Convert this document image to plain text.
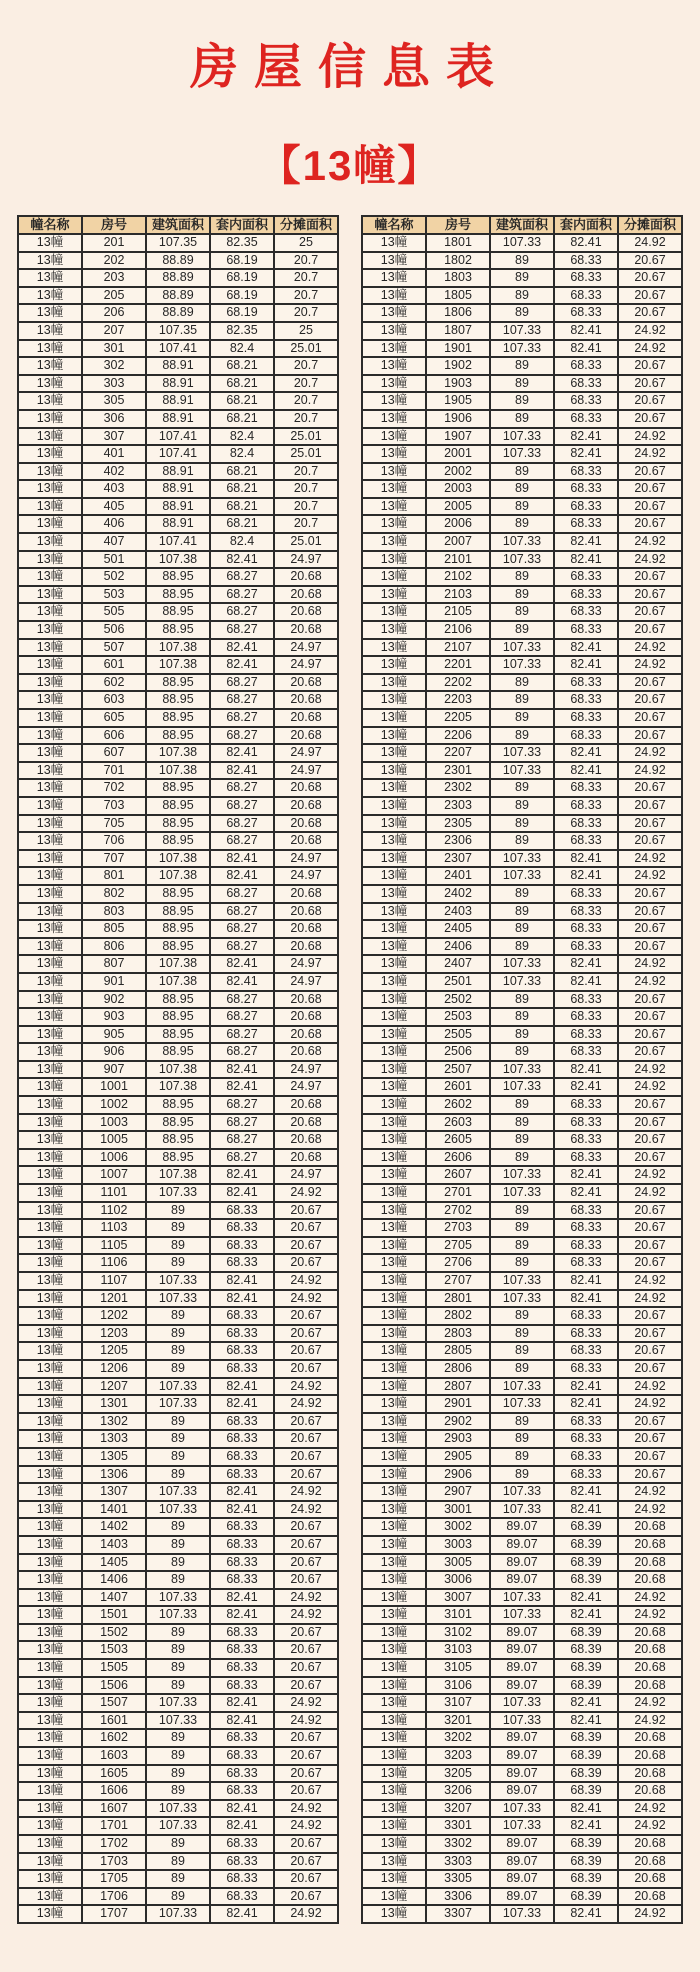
房屋信息表
【13幢】
幢名称	房号	建筑面积	套内面积	分摊面积
13幢	201	107.35	82.35	25
13幢	202	88.89	68.19	20.7
13幢	203	88.89	68.19	20.7
13幢	205	88.89	68.19	20.7
13幢	206	88.89	68.19	20.7
13幢	207	107.35	82.35	25
13幢	301	107.41	82.4	25.01
13幢	302	88.91	68.21	20.7
13幢	303	88.91	68.21	20.7
13幢	305	88.91	68.21	20.7
13幢	306	88.91	68.21	20.7
13幢	307	107.41	82.4	25.01
13幢	401	107.41	82.4	25.01
13幢	402	88.91	68.21	20.7
13幢	403	88.91	68.21	20.7
13幢	405	88.91	68.21	20.7
13幢	406	88.91	68.21	20.7
13幢	407	107.41	82.4	25.01
13幢	501	107.38	82.41	24.97
13幢	502	88.95	68.27	20.68
13幢	503	88.95	68.27	20.68
13幢	505	88.95	68.27	20.68
13幢	506	88.95	68.27	20.68
13幢	507	107.38	82.41	24.97
13幢	601	107.38	82.41	24.97
13幢	602	88.95	68.27	20.68
13幢	603	88.95	68.27	20.68
13幢	605	88.95	68.27	20.68
13幢	606	88.95	68.27	20.68
13幢	607	107.38	82.41	24.97
13幢	701	107.38	82.41	24.97
13幢	702	88.95	68.27	20.68
13幢	703	88.95	68.27	20.68
13幢	705	88.95	68.27	20.68
13幢	706	88.95	68.27	20.68
13幢	707	107.38	82.41	24.97
13幢	801	107.38	82.41	24.97
13幢	802	88.95	68.27	20.68
13幢	803	88.95	68.27	20.68
13幢	805	88.95	68.27	20.68
13幢	806	88.95	68.27	20.68
13幢	807	107.38	82.41	24.97
13幢	901	107.38	82.41	24.97
13幢	902	88.95	68.27	20.68
13幢	903	88.95	68.27	20.68
13幢	905	88.95	68.27	20.68
13幢	906	88.95	68.27	20.68
13幢	907	107.38	82.41	24.97
13幢	1001	107.38	82.41	24.97
13幢	1002	88.95	68.27	20.68
13幢	1003	88.95	68.27	20.68
13幢	1005	88.95	68.27	20.68
13幢	1006	88.95	68.27	20.68
13幢	1007	107.38	82.41	24.97
13幢	1101	107.33	82.41	24.92
13幢	1102	89	68.33	20.67
13幢	1103	89	68.33	20.67
13幢	1105	89	68.33	20.67
13幢	1106	89	68.33	20.67
13幢	1107	107.33	82.41	24.92
13幢	1201	107.33	82.41	24.92
13幢	1202	89	68.33	20.67
13幢	1203	89	68.33	20.67
13幢	1205	89	68.33	20.67
13幢	1206	89	68.33	20.67
13幢	1207	107.33	82.41	24.92
13幢	1301	107.33	82.41	24.92
13幢	1302	89	68.33	20.67
13幢	1303	89	68.33	20.67
13幢	1305	89	68.33	20.67
13幢	1306	89	68.33	20.67
13幢	1307	107.33	82.41	24.92
13幢	1401	107.33	82.41	24.92
13幢	1402	89	68.33	20.67
13幢	1403	89	68.33	20.67
13幢	1405	89	68.33	20.67
13幢	1406	89	68.33	20.67
13幢	1407	107.33	82.41	24.92
13幢	1501	107.33	82.41	24.92
13幢	1502	89	68.33	20.67
13幢	1503	89	68.33	20.67
13幢	1505	89	68.33	20.67
13幢	1506	89	68.33	20.67
13幢	1507	107.33	82.41	24.92
13幢	1601	107.33	82.41	24.92
13幢	1602	89	68.33	20.67
13幢	1603	89	68.33	20.67
13幢	1605	89	68.33	20.67
13幢	1606	89	68.33	20.67
13幢	1607	107.33	82.41	24.92
13幢	1701	107.33	82.41	24.92
13幢	1702	89	68.33	20.67
13幢	1703	89	68.33	20.67
13幢	1705	89	68.33	20.67
13幢	1706	89	68.33	20.67
13幢	1707	107.33	82.41	24.92
幢名称	房号	建筑面积	套内面积	分摊面积
13幢	1801	107.33	82.41	24.92
13幢	1802	89	68.33	20.67
13幢	1803	89	68.33	20.67
13幢	1805	89	68.33	20.67
13幢	1806	89	68.33	20.67
13幢	1807	107.33	82.41	24.92
13幢	1901	107.33	82.41	24.92
13幢	1902	89	68.33	20.67
13幢	1903	89	68.33	20.67
13幢	1905	89	68.33	20.67
13幢	1906	89	68.33	20.67
13幢	1907	107.33	82.41	24.92
13幢	2001	107.33	82.41	24.92
13幢	2002	89	68.33	20.67
13幢	2003	89	68.33	20.67
13幢	2005	89	68.33	20.67
13幢	2006	89	68.33	20.67
13幢	2007	107.33	82.41	24.92
13幢	2101	107.33	82.41	24.92
13幢	2102	89	68.33	20.67
13幢	2103	89	68.33	20.67
13幢	2105	89	68.33	20.67
13幢	2106	89	68.33	20.67
13幢	2107	107.33	82.41	24.92
13幢	2201	107.33	82.41	24.92
13幢	2202	89	68.33	20.67
13幢	2203	89	68.33	20.67
13幢	2205	89	68.33	20.67
13幢	2206	89	68.33	20.67
13幢	2207	107.33	82.41	24.92
13幢	2301	107.33	82.41	24.92
13幢	2302	89	68.33	20.67
13幢	2303	89	68.33	20.67
13幢	2305	89	68.33	20.67
13幢	2306	89	68.33	20.67
13幢	2307	107.33	82.41	24.92
13幢	2401	107.33	82.41	24.92
13幢	2402	89	68.33	20.67
13幢	2403	89	68.33	20.67
13幢	2405	89	68.33	20.67
13幢	2406	89	68.33	20.67
13幢	2407	107.33	82.41	24.92
13幢	2501	107.33	82.41	24.92
13幢	2502	89	68.33	20.67
13幢	2503	89	68.33	20.67
13幢	2505	89	68.33	20.67
13幢	2506	89	68.33	20.67
13幢	2507	107.33	82.41	24.92
13幢	2601	107.33	82.41	24.92
13幢	2602	89	68.33	20.67
13幢	2603	89	68.33	20.67
13幢	2605	89	68.33	20.67
13幢	2606	89	68.33	20.67
13幢	2607	107.33	82.41	24.92
13幢	2701	107.33	82.41	24.92
13幢	2702	89	68.33	20.67
13幢	2703	89	68.33	20.67
13幢	2705	89	68.33	20.67
13幢	2706	89	68.33	20.67
13幢	2707	107.33	82.41	24.92
13幢	2801	107.33	82.41	24.92
13幢	2802	89	68.33	20.67
13幢	2803	89	68.33	20.67
13幢	2805	89	68.33	20.67
13幢	2806	89	68.33	20.67
13幢	2807	107.33	82.41	24.92
13幢	2901	107.33	82.41	24.92
13幢	2902	89	68.33	20.67
13幢	2903	89	68.33	20.67
13幢	2905	89	68.33	20.67
13幢	2906	89	68.33	20.67
13幢	2907	107.33	82.41	24.92
13幢	3001	107.33	82.41	24.92
13幢	3002	89.07	68.39	20.68
13幢	3003	89.07	68.39	20.68
13幢	3005	89.07	68.39	20.68
13幢	3006	89.07	68.39	20.68
13幢	3007	107.33	82.41	24.92
13幢	3101	107.33	82.41	24.92
13幢	3102	89.07	68.39	20.68
13幢	3103	89.07	68.39	20.68
13幢	3105	89.07	68.39	20.68
13幢	3106	89.07	68.39	20.68
13幢	3107	107.33	82.41	24.92
13幢	3201	107.33	82.41	24.92
13幢	3202	89.07	68.39	20.68
13幢	3203	89.07	68.39	20.68
13幢	3205	89.07	68.39	20.68
13幢	3206	89.07	68.39	20.68
13幢	3207	107.33	82.41	24.92
13幢	3301	107.33	82.41	24.92
13幢	3302	89.07	68.39	20.68
13幢	3303	89.07	68.39	20.68
13幢	3305	89.07	68.39	20.68
13幢	3306	89.07	68.39	20.68
13幢	3307	107.33	82.41	24.92
